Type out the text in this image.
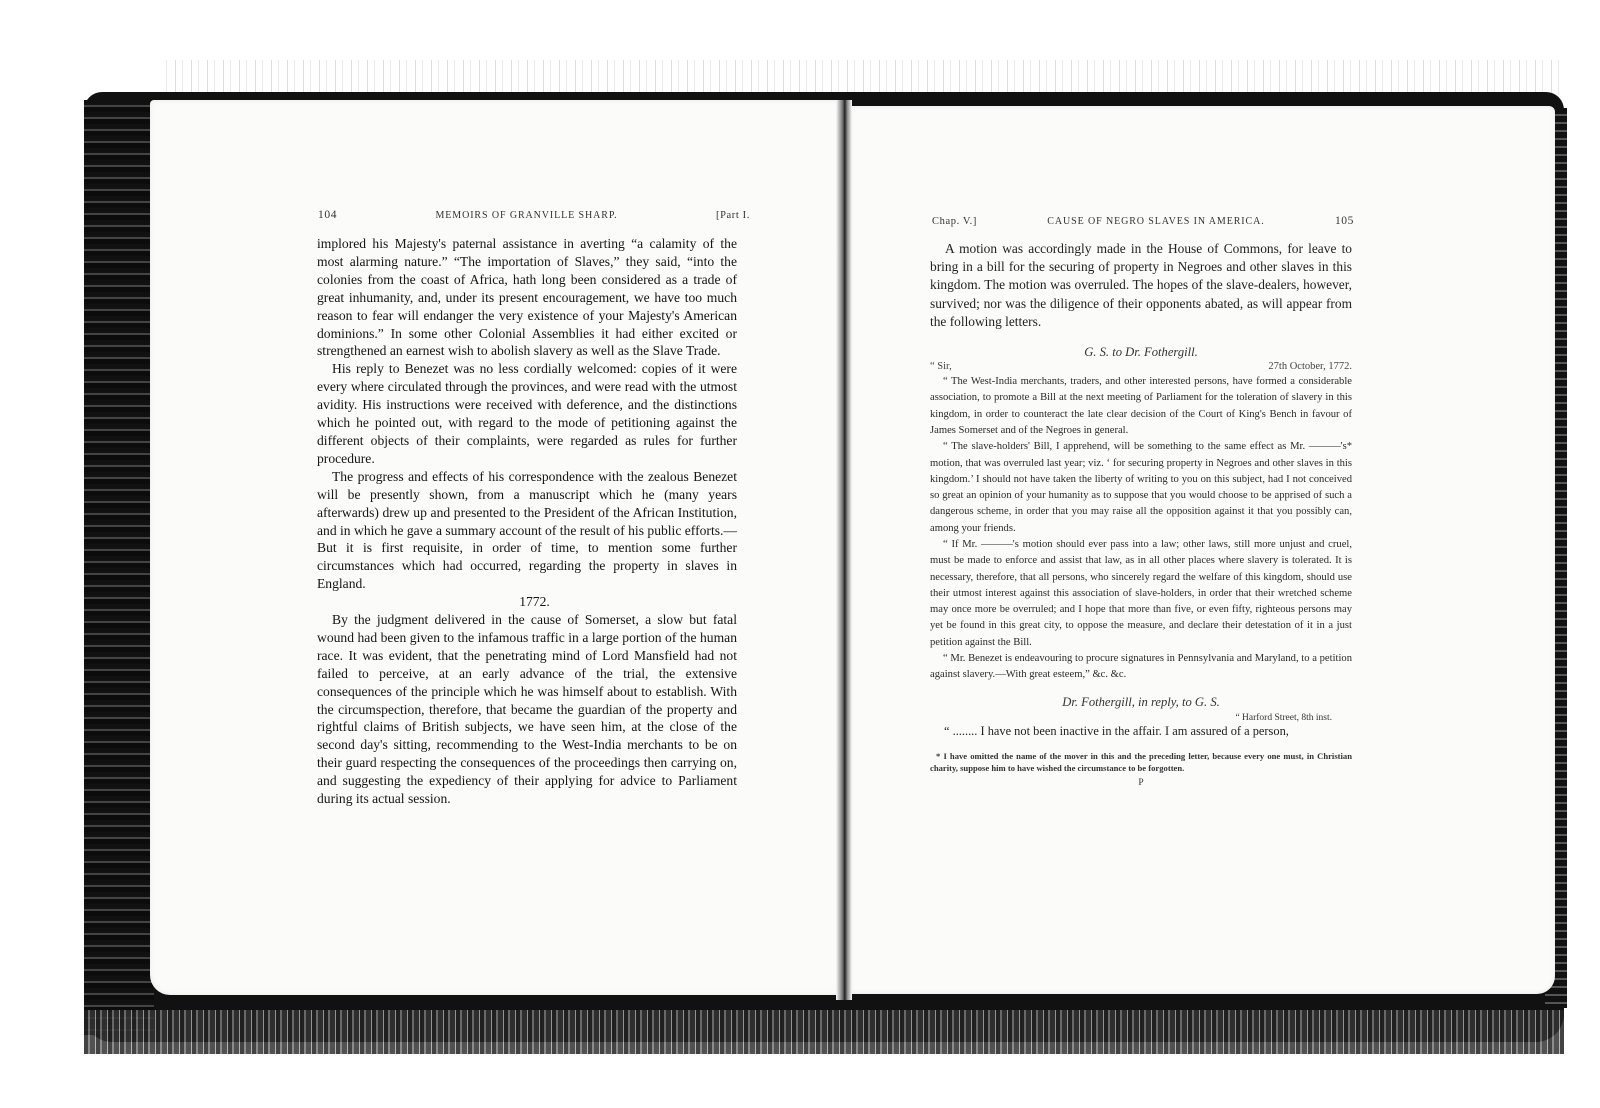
104	MEMOIRS OF GRANVILLE SHARP.	[Part I.

implored his Majesty's paternal assistance in averting “a calamity of the most alarming nature.” “The importation of Slaves,” they said, “into the colonies from the coast of Africa, hath long been considered as a trade of great inhumanity, and, under its present encouragement, we have too much reason to fear will endanger the very existence of your Majesty's American dominions.” In some other Colonial Assemblies it had either excited or strengthened an earnest wish to abolish slavery as well as the Slave Trade.

His reply to Benezet was no less cordially welcomed: copies of it were every where circulated through the provinces, and were read with the utmost avidity. His instructions were received with deference, and the distinctions which he pointed out, with regard to the mode of petitioning against the different objects of their complaints, were regarded as rules for further procedure.

The progress and effects of his correspondence with the zealous Benezet will be presently shown, from a manuscript which he (many years afterwards) drew up and presented to the President of the African Institution, and in which he gave a summary account of the result of his public efforts.—But it is first requisite, in order of time, to mention some further circumstances which had occurred, regarding the property in slaves in England.

1772.

By the judgment delivered in the cause of Somerset, a slow but fatal wound had been given to the infamous traffic in a large portion of the human race. It was evident, that the penetrating mind of Lord Mansfield had not failed to perceive, at an early advance of the trial, the extensive consequences of the principle which he was himself about to establish. With the circumspection, therefore, that became the guardian of the property and rightful claims of British subjects, we have seen him, at the close of the second day's sitting, recommending to the West-India merchants to be on their guard respecting the consequences of the proceedings then carrying on, and suggesting the expediency of their applying for advice to Parliament during its actual session.

Chap. V.]	CAUSE OF NEGRO SLAVES IN AMERICA.	105

A motion was accordingly made in the House of Commons, for leave to bring in a bill for the securing of property in Negroes and other slaves in this kingdom. The motion was overruled. The hopes of the slave-dealers, however, survived; nor was the diligence of their opponents abated, as will appear from the following letters.

G. S. to Dr. Fothergill.

“ Sir,	27th October, 1772.

“ The West-India merchants, traders, and other interested persons, have formed a considerable association, to promote a Bill at the next meeting of Parliament for the toleration of slavery in this kingdom, in order to counteract the late clear decision of the Court of King's Bench in favour of James Somerset and of the Negroes in general.

“ The slave-holders' Bill, I apprehend, will be something to the same effect as Mr. ———'s* motion, that was overruled last year; viz. ‘ for securing property in Negroes and other slaves in this kingdom.’ I should not have taken the liberty of writing to you on this subject, had I not conceived so great an opinion of your humanity as to suppose that you would choose to be apprised of such a dangerous scheme, in order that you may raise all the opposition against it that you possibly can, among your friends.

“ If Mr. ———'s motion should ever pass into a law; other laws, still more unjust and cruel, must be made to enforce and assist that law, as in all other places where slavery is tolerated. It is necessary, therefore, that all persons, who sincerely regard the welfare of this kingdom, should use their utmost interest against this association of slave-holders, in order that their wretched scheme may once more be overruled; and I hope that more than five, or even fifty, righteous persons may yet be found in this great city, to oppose the measure, and declare their detestation of it in a just petition against the Bill.

“ Mr. Benezet is endeavouring to procure signatures in Pennsylvania and Maryland, to a petition against slavery.—With great esteem,” &c. &c.

Dr. Fothergill, in reply, to G. S.

“ Harford Street, 8th inst.

“ ........ I have not been inactive in the affair. I am assured of a person,

* I have omitted the name of the mover in this and the preceding letter, because every one must, in Christian charity, suppose him to have wished the circumstance to be forgotten.

P
